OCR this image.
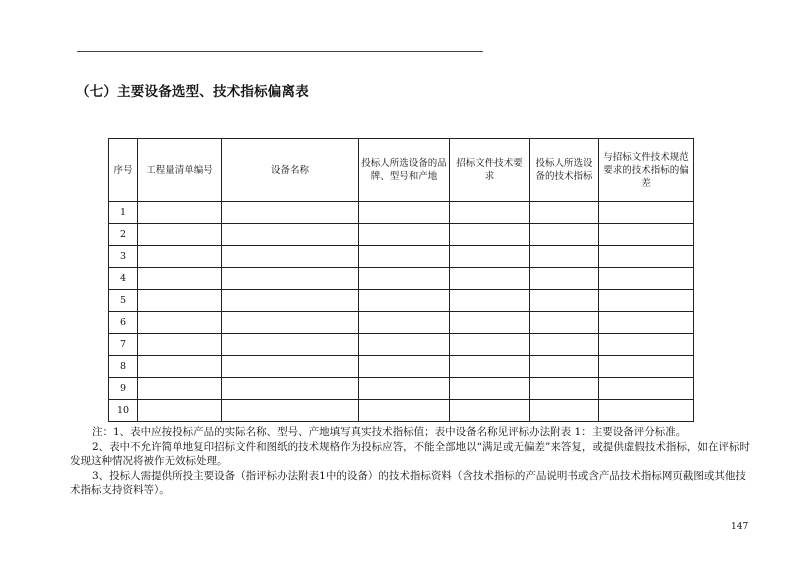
（七）主要设备选型、技术指标偏离表
序号	工程量清单编号	设备名称	投标人所选设备的品牌、型号和产地	招标文件技术要求	投标人所选设备的技术指标	与招标文件技术规范要求的技术指标的偏差
1						
2						
3						
4						
5						
6						
7						
8						
9						
10						

注：1、表中应按投标产品的实际名称、型号、产地填写真实技术指标值；表中设备名称见评标办法附表 1：主要设备评分标准。

2、表中不允许简单地复印招标文件和图纸的技术规格作为投标应答，不能全部地以“满足或无偏差”来答复，或提供虚假技术指标，如在评标时发现这种情况将被作无效标处理。

3、投标人需提供所投主要设备（指评标办法附表1中的设备）的技术指标资料（含技术指标的产品说明书或含产品技术指标网页截图或其他技术指标支持资料等）。

147
